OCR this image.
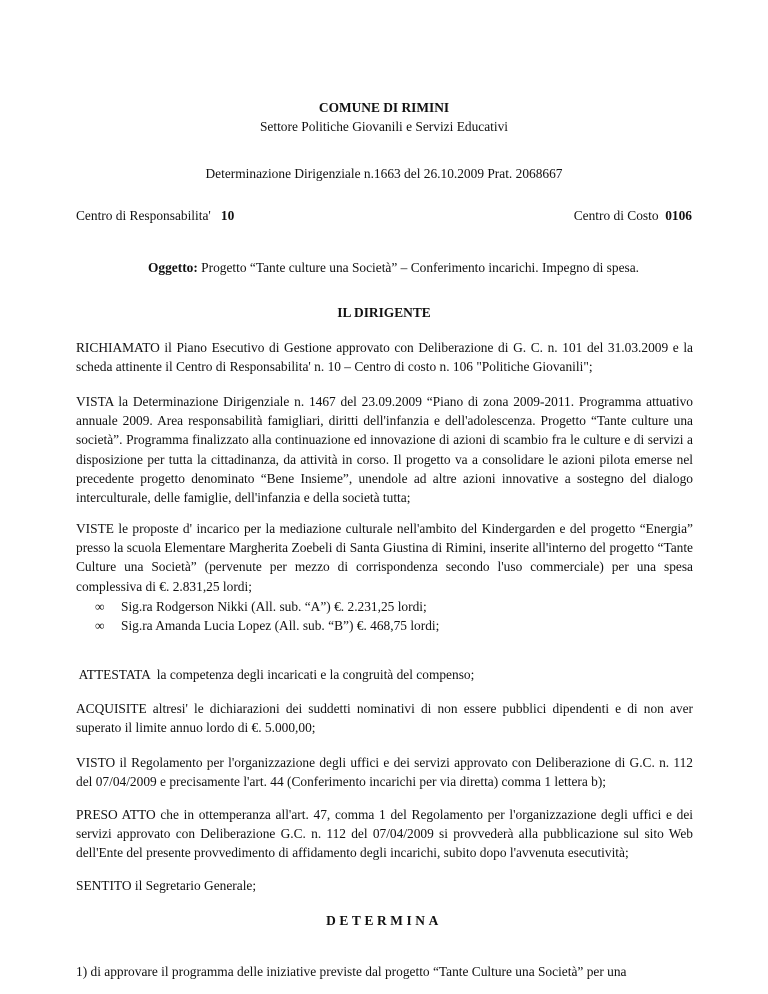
COMUNE DI RIMINI
Settore Politiche Giovanili e Servizi Educativi
Determinazione Dirigenziale n.1663 del 26.10.2009 Prat. 2068667
Centro di Responsabilita' 10	Centro di Costo 0106
Oggetto: Progetto “Tante culture una Società” – Conferimento incarichi. Impegno di spesa.
IL DIRIGENTE
RICHIAMATO il Piano Esecutivo di Gestione approvato con Deliberazione di G. C. n. 101 del 31.03.2009 e la scheda attinente il Centro di Responsabilita' n. 10 – Centro di costo n. 106 "Politiche Giovanili";
VISTA la Determinazione Dirigenziale n. 1467 del 23.09.2009 “Piano di zona 2009-2011. Programma attuativo annuale 2009. Area responsabilità famigliari, diritti dell'infanzia e dell'adolescenza. Progetto “Tante culture una società”. Programma finalizzato alla continuazione ed innovazione di azioni di scambio fra le culture e di servizi a disposizione per tutta la cittadinanza, da attività in corso. Il progetto va a consolidare le azioni pilota emerse nel precedente progetto denominato “Bene Insieme”, unendole ad altre azioni innovative a sostegno del dialogo interculturale, delle famiglie, dell'infanzia e della società tutta;
VISTE le proposte d' incarico per la mediazione culturale nell'ambito del Kindergarden e del progetto “Energia” presso la scuola Elementare Margherita Zoebeli di Santa Giustina di Rimini, inserite all'interno del progetto “Tante Culture una Società” (pervenute per mezzo di corrispondenza secondo l'uso commerciale) per una spesa complessiva di €. 2.831,25 lordi;
∞ Sig.ra Rodgerson Nikki (All. sub. “A”) €. 2.231,25 lordi;
∞ Sig.ra Amanda Lucia Lopez (All. sub. “B”) €. 468,75 lordi;
ATTESTATA  la competenza degli incaricati e la congruità del compenso;
ACQUISITE altresi' le dichiarazioni dei suddetti nominativi di non essere pubblici dipendenti e di non aver superato il limite annuo lordo di €. 5.000,00;
VISTO il Regolamento per l'organizzazione degli uffici e dei servizi approvato con Deliberazione di G.C. n. 112 del 07/04/2009 e precisamente l'art. 44 (Conferimento incarichi per via diretta) comma 1 lettera b);
PRESO ATTO che in ottemperanza all'art. 47, comma 1 del Regolamento per l'organizzazione degli uffici e dei servizi approvato con Deliberazione G.C. n. 112 del 07/04/2009 si provvederà alla pubblicazione sul sito Web dell'Ente del presente provvedimento di affidamento degli incarichi, subito dopo l'avvenuta esecutività;
SENTITO il Segretario Generale;
DETERMINA
1) di approvare il programma delle iniziative previste dal progetto “Tante Culture una Società” per una
